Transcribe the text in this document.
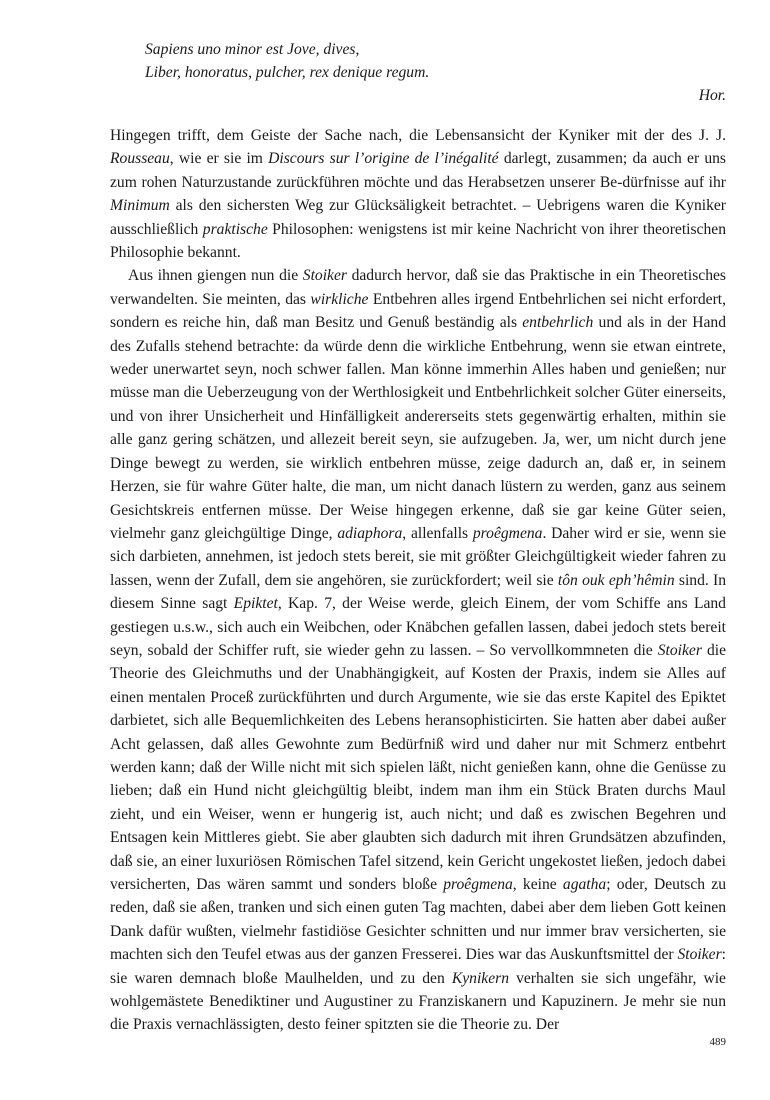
Sapiens uno minor est Jove, dives,
Liber, honoratus, pulcher, rex denique regum.
Hor.

Hingegen trifft, dem Geiste der Sache nach, die Lebensansicht der Kyniker mit der des J. J. Rousseau, wie er sie im Discours sur l’origine de l’inégalité darlegt, zusammen; da auch er uns zum rohen Naturzustande zurückführen möchte und das Herabsetzen unserer Be-dürfnisse auf ihr Minimum als den sichersten Weg zur Glücksäligkeit betrachtet. – Uebrigens waren die Kyniker ausschließlich praktische Philosophen: wenigstens ist mir keine Nachricht von ihrer theoretischen Philosophie bekannt.

Aus ihnen giengen nun die Stoiker dadurch hervor, daß sie das Praktische in ein Theoretisches verwandelten. Sie meinten, das wirkliche Entbehren alles irgend Entbehrlichen sei nicht erfordert, sondern es reiche hin, daß man Besitz und Genuß beständig als entbehrlich und als in der Hand des Zufalls stehend betrachte: da würde denn die wirkliche Entbehrung, wenn sie etwan eintrete, weder unerwartet seyn, noch schwer fallen. Man könne immerhin Alles haben und genießen; nur müsse man die Ueberzeugung von der Werthlosigkeit und Entbehrlichkeit solcher Güter einerseits, und von ihrer Unsicherheit und Hinfälligkeit andererseits stets gegenwärtig erhalten, mithin sie alle ganz gering schätzen, und allezeit bereit seyn, sie aufzugeben. Ja, wer, um nicht durch jene Dinge bewegt zu werden, sie wirklich entbehren müsse, zeige dadurch an, daß er, in seinem Herzen, sie für wahre Güter halte, die man, um nicht danach lüstern zu werden, ganz aus seinem Gesichtskreis entfernen müsse. Der Weise hingegen erkenne, daß sie gar keine Güter seien, vielmehr ganz gleichgültige Dinge, adiaphora, allenfalls proêgmena. Daher wird er sie, wenn sie sich darbieten, annehmen, ist jedoch stets bereit, sie mit größter Gleichgültigkeit wieder fahren zu lassen, wenn der Zufall, dem sie angehören, sie zurückfordert; weil sie tôn ouk eph’hêmin sind. In diesem Sinne sagt Epiktet, Kap. 7, der Weise werde, gleich Einem, der vom Schiffe ans Land gestiegen u.s.w., sich auch ein Weibchen, oder Knäbchen gefallen lassen, dabei jedoch stets bereit seyn, sobald der Schiffer ruft, sie wieder gehn zu lassen. – So vervollkommneten die Stoiker die Theorie des Gleichmuths und der Unabhängigkeit, auf Kosten der Praxis, indem sie Alles auf einen mentalen Proceß zurückführten und durch Argumente, wie sie das erste Kapitel des Epiktet darbietet, sich alle Bequemlichkeiten des Lebens heransophisticirten. Sie hatten aber dabei außer Acht gelassen, daß alles Gewohnte zum Bedürfniß wird und daher nur mit Schmerz entbehrt werden kann; daß der Wille nicht mit sich spielen läßt, nicht genießen kann, ohne die Genüsse zu lieben; daß ein Hund nicht gleichgültig bleibt, indem man ihm ein Stück Braten durchs Maul zieht, und ein Weiser, wenn er hungerig ist, auch nicht; und daß es zwischen Begehren und Entsagen kein Mittleres giebt. Sie aber glaubten sich dadurch mit ihren Grundsätzen abzufinden, daß sie, an einer luxuriösen Römischen Tafel sitzend, kein Gericht ungekostet ließen, jedoch dabei versicherten, Das wären sammt und sonders bloße proêgmena, keine agatha; oder, Deutsch zu reden, daß sie aßen, tranken und sich einen guten Tag machten, dabei aber dem lieben Gott keinen Dank dafür wußten, vielmehr fastidiöse Gesichter schnitten und nur immer brav versicherten, sie machten sich den Teufel etwas aus der ganzen Fresserei. Dies war das Auskunftsmittel der Stoiker: sie waren demnach bloße Maulhelden, und zu den Kynikern verhalten sie sich ungefähr, wie wohlgemästete Benediktiner und Augustiner zu Franziskanern und Kapuzinern. Je mehr sie nun die Praxis vernachlässigten, desto feiner spitzten sie die Theorie zu. Der

489
